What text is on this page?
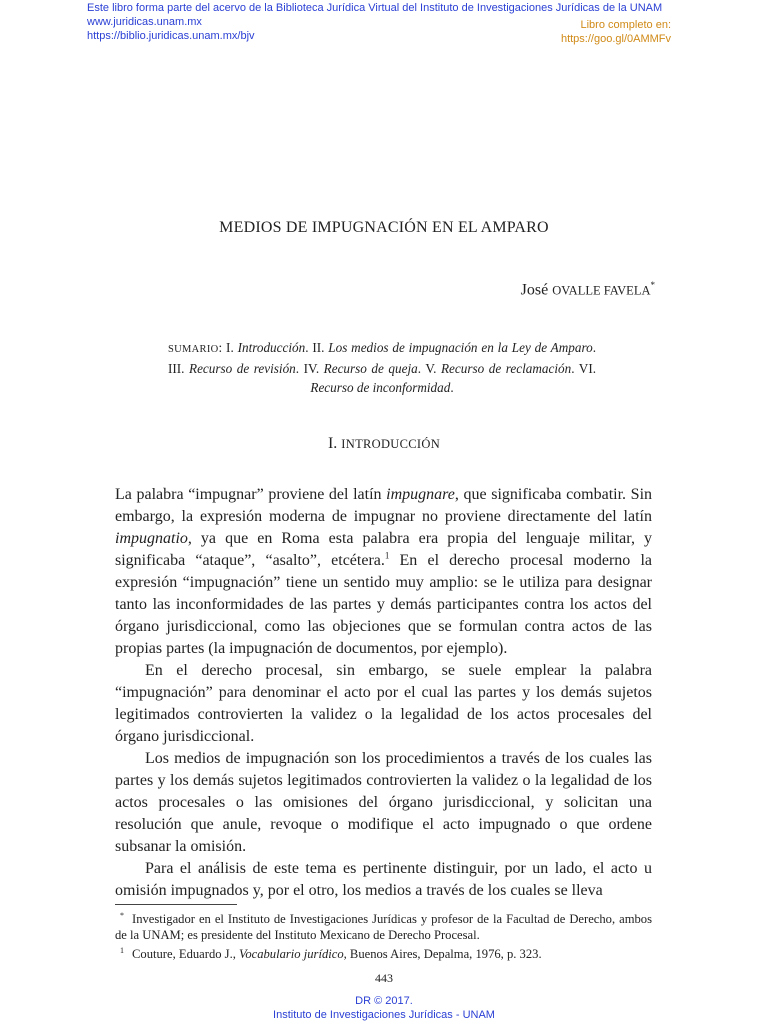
Este libro forma parte del acervo de la Biblioteca Jurídica Virtual del Instituto de Investigaciones Jurídicas de la UNAM
www.juridicas.unam.mx
https://biblio.juridicas.unam.mx/bjv
Libro completo en:
https://goo.gl/0AMMFv
MEDIOS DE IMPUGNACIÓN EN EL AMPARO
José OVALLE FAVELA*
SUMARIO: I. Introducción. II. Los medios de impugnación en la Ley de Amparo. III. Recurso de revisión. IV. Recurso de queja. V. Recurso de reclamación. VI. Recurso de inconformidad.
I. INTRODUCCIÓN

La palabra “impugnar” proviene del latín impugnare, que significaba combatir. Sin embargo, la expresión moderna de impugnar no proviene directamente del latín impugnatio, ya que en Roma esta palabra era propia del lenguaje militar, y significaba “ataque”, “asalto”, etcétera.$^1$ En el derecho procesal moderno la expresión “impugnación” tiene un sentido muy amplio: se le utiliza para designar tanto las inconformidades de las partes y demás participantes contra los actos del órgano jurisdiccional, como las objeciones que se formulan contra actos de las propias partes (la impugnación de documentos, por ejemplo).

En el derecho procesal, sin embargo, se suele emplear la palabra “impugnación” para denominar el acto por el cual las partes y los demás sujetos legitimados controvierten la validez o la legalidad de los actos procesales del órgano jurisdiccional.

Los medios de impugnación son los procedimientos a través de los cuales las partes y los demás sujetos legitimados controvierten la validez o la legalidad de los actos procesales o las omisiones del órgano jurisdiccional, y solicitan una resolución que anule, revoque o modifique el acto impugnado o que ordene subsanar la omisión.

Para el análisis de este tema es pertinente distinguir, por un lado, el acto u omisión impugnados y, por el otro, los medios a través de los cuales se lleva

* Investigador en el Instituto de Investigaciones Jurídicas y profesor de la Facultad de Derecho, ambos de la UNAM; es presidente del Instituto Mexicano de Derecho Procesal.

$^1$ Couture, Eduardo J., Vocabulario jurídico, Buenos Aires, Depalma, 1976, p. 323.

443
DR © 2017.
Instituto de Investigaciones Jurídicas - UNAM
